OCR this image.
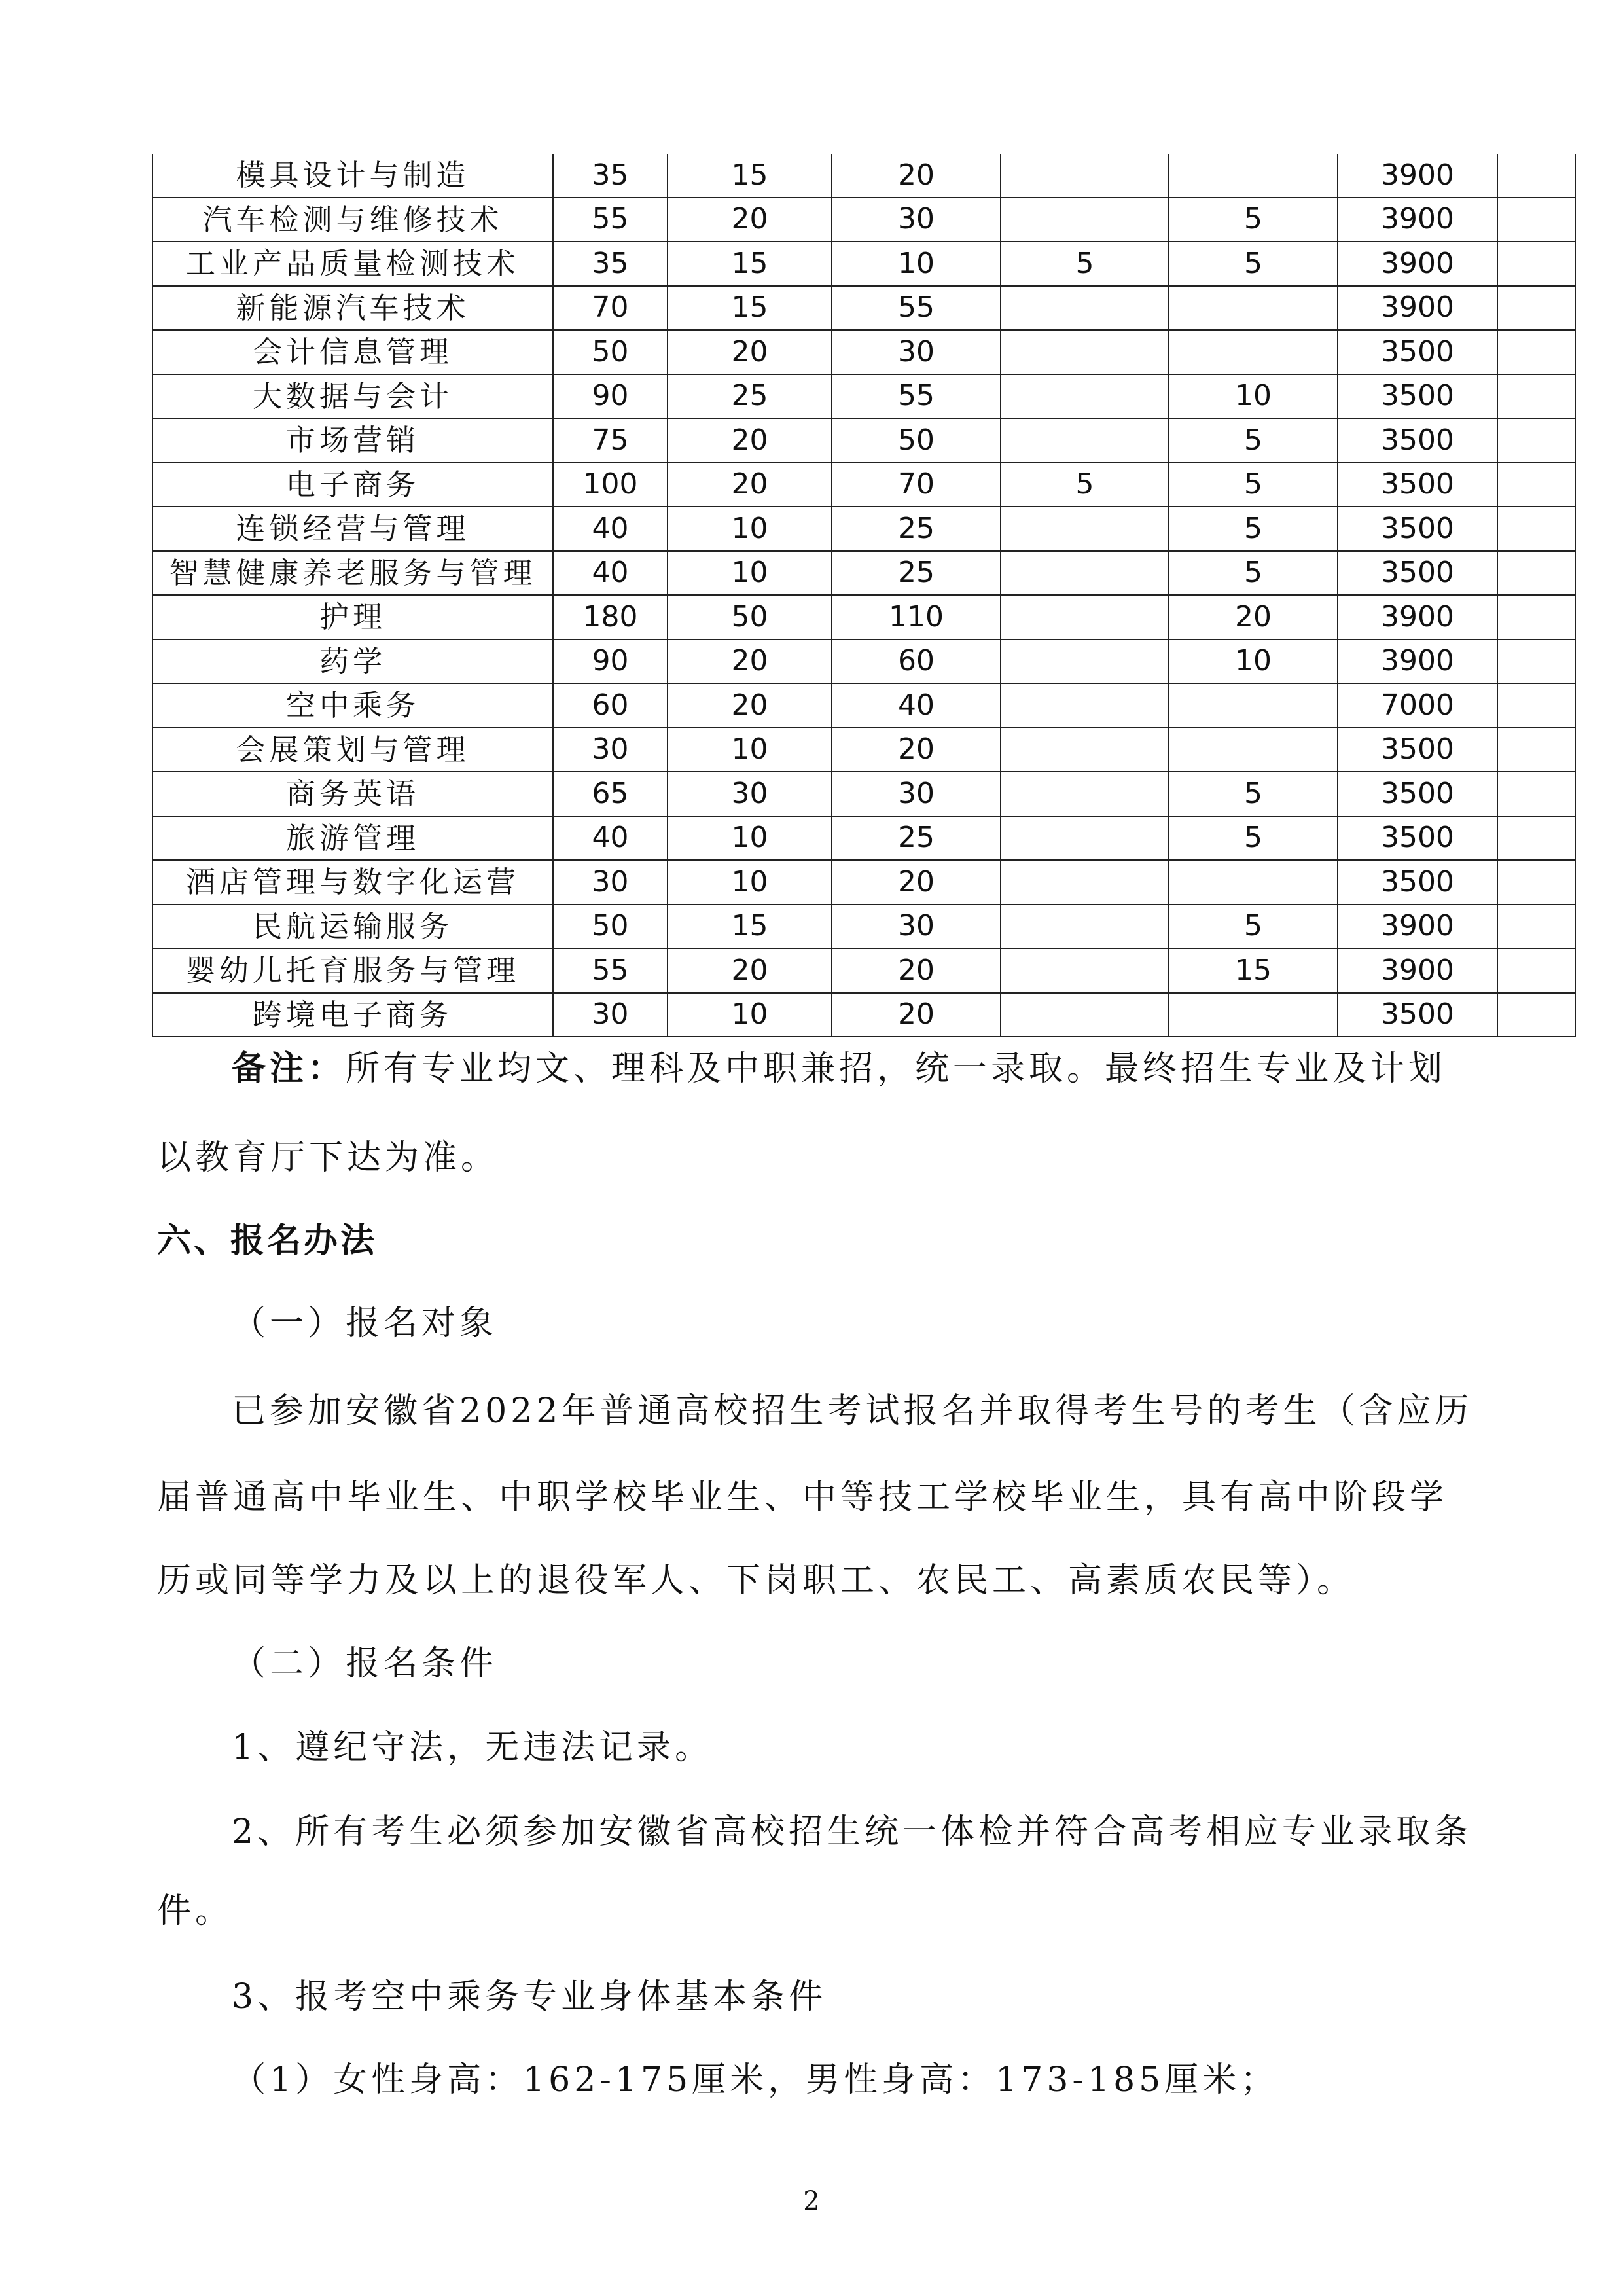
模具设计与制造	35	15	20			3900	
汽车检测与维修技术	55	20	30		5	3900	
工业产品质量检测技术	35	15	10	5	5	3900	
新能源汽车技术	70	15	55			3900	
会计信息管理	50	20	30			3500	
大数据与会计	90	25	55		10	3500	
市场营销	75	20	50		5	3500	
电子商务	100	20	70	5	5	3500	
连锁经营与管理	40	10	25		5	3500	
智慧健康养老服务与管理	40	10	25		5	3500	
护理	180	50	110		20	3900	
药学	90	20	60		10	3900	
空中乘务	60	20	40			7000	
会展策划与管理	30	10	20			3500	
商务英语	65	30	30		5	3500	
旅游管理	40	10	25		5	3500	
酒店管理与数字化运营	30	10	20			3500	
民航运输服务	50	15	30		5	3900	
婴幼儿托育服务与管理	55	20	20		15	3900	
跨境电子商务	30	10	20			3500	

备注：所有专业均文、理科及中职兼招，统一录取。最终招生专业及计划

以教育厅下达为准。

六、报名办法

（一）报名对象

已参加安徽省2022年普通高校招生考试报名并取得考生号的考生（含应历

届普通高中毕业生、中职学校毕业生、中等技工学校毕业生，具有高中阶段学

历或同等学力及以上的退役军人、下岗职工、农民工、高素质农民等）。

（二）报名条件

1、遵纪守法，无违法记录。

2、所有考生必须参加安徽省高校招生统一体检并符合高考相应专业录取条

件。

3、报考空中乘务专业身体基本条件

（1）女性身高：162-175厘米，男性身高：173-185厘米；

2
